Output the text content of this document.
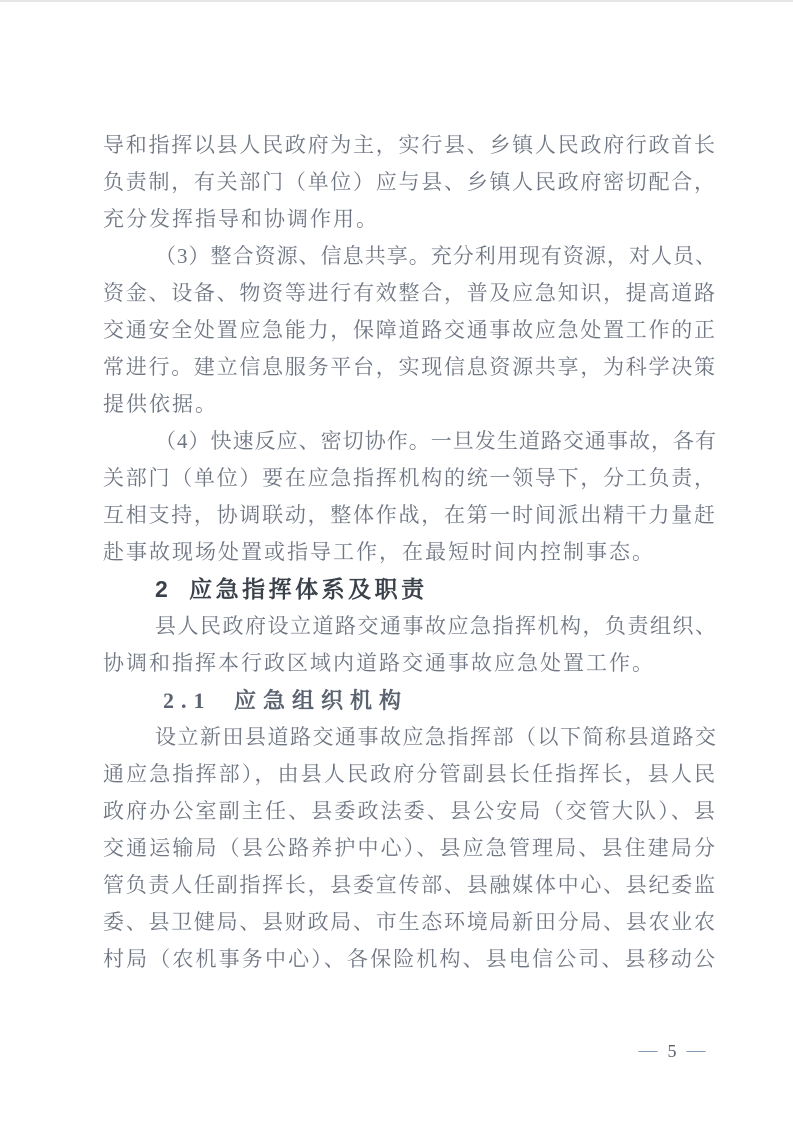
导和指挥以县人民政府为主，实行县、乡镇人民政府行政首长
负责制，有关部门（单位）应与县、乡镇人民政府密切配合，
充分发挥指导和协调作用。
（3）整合资源、信息共享。充分利用现有资源，对人员、
资金、设备、物资等进行有效整合，普及应急知识，提高道路
交通安全处置应急能力，保障道路交通事故应急处置工作的正
常进行。建立信息服务平台，实现信息资源共享，为科学决策
提供依据。
（4）快速反应、密切协作。一旦发生道路交通事故，各有
关部门（单位）要在应急指挥机构的统一领导下，分工负责，
互相支持，协调联动，整体作战，在第一时间派出精干力量赶
赴事故现场处置或指导工作，在最短时间内控制事态。
2 应急指挥体系及职责
县人民政府设立道路交通事故应急指挥机构，负责组织、
协调和指挥本行政区域内道路交通事故应急处置工作。
2.1 应急组织机构
设立新田县道路交通事故应急指挥部（以下简称县道路交
通应急指挥部），由县人民政府分管副县长任指挥长，县人民
政府办公室副主任、县委政法委、县公安局（交管大队）、县
交通运输局（县公路养护中心）、县应急管理局、县住建局分
管负责人任副指挥长，县委宣传部、县融媒体中心、县纪委监
委、县卫健局、县财政局、市生态环境局新田分局、县农业农
村局（农机事务中心）、各保险机构、县电信公司、县移动公
— 5 —
